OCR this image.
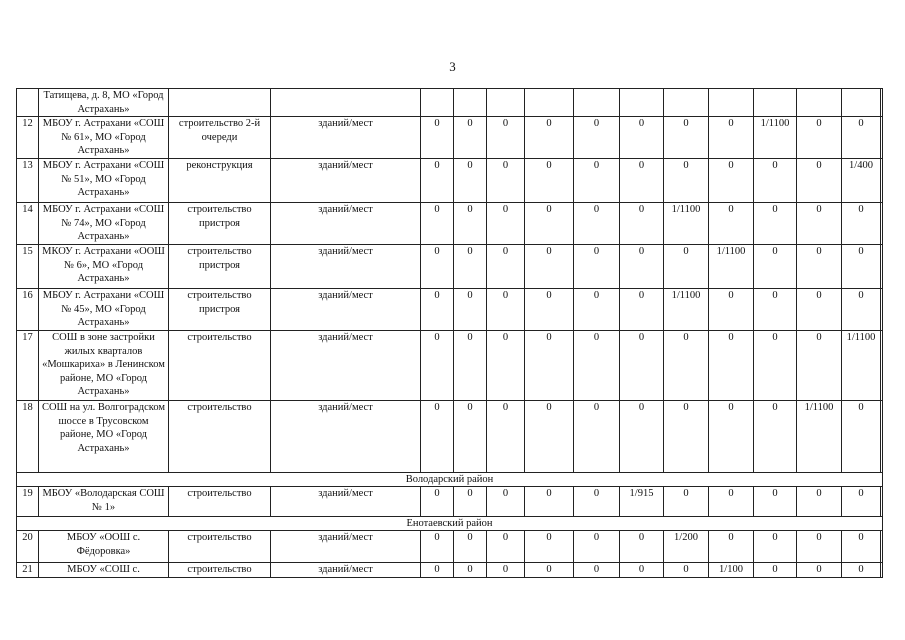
3
	Татищева, д. 8, МО «Город Астрахань»														
12	МБОУ г. Астрахани «СОШ № 61», МО «Город Астрахань»	строительство 2-й очереди	зданий/мест	0	0	0	0	0	0	0	0	1/1100	0	0	
13	МБОУ г. Астрахани «СОШ № 51», МО «Город Астрахань»	реконструкция	зданий/мест	0	0	0	0	0	0	0	0	0	0	1/400	
14	МБОУ г. Астрахани «СОШ № 74», МО «Город Астрахань»	строительство пристроя	зданий/мест	0	0	0	0	0	0	1/1100	0	0	0	0	
15	МКОУ г. Астрахани «ООШ № 6», МО «Город Астрахань»	строительство пристроя	зданий/мест	0	0	0	0	0	0	0	1/1100	0	0	0	
16	МБОУ г. Астрахани «СОШ № 45», МО «Город Астрахань»	строительство пристроя	зданий/мест	0	0	0	0	0	0	1/1100	0	0	0	0	
17	СОШ в зоне застройки жилых кварталов «Мошкариха» в Ленинском районе, МО «Город Астрахань»	строительство	зданий/мест	0	0	0	0	0	0	0	0	0	0	1/1100	
18	СОШ на ул. Волгоградском шоссе в Трусовском районе, МО «Город Астрахань»	строительство	зданий/мест	0	0	0	0	0	0	0	0	0	1/1100	0	
Володарский район															
19	МБОУ «Володарская СОШ № 1»	строительство	зданий/мест	0	0	0	0	0	1/915	0	0	0	0	0	
Енотаевский район															
20	МБОУ «ООШ с. Фёдоровка»	строительство	зданий/мест	0	0	0	0	0	0	1/200	0	0	0	0	
21	МБОУ «СОШ с.	строительство	зданий/мест	0	0	0	0	0	0	0	1/100	0	0	0	
